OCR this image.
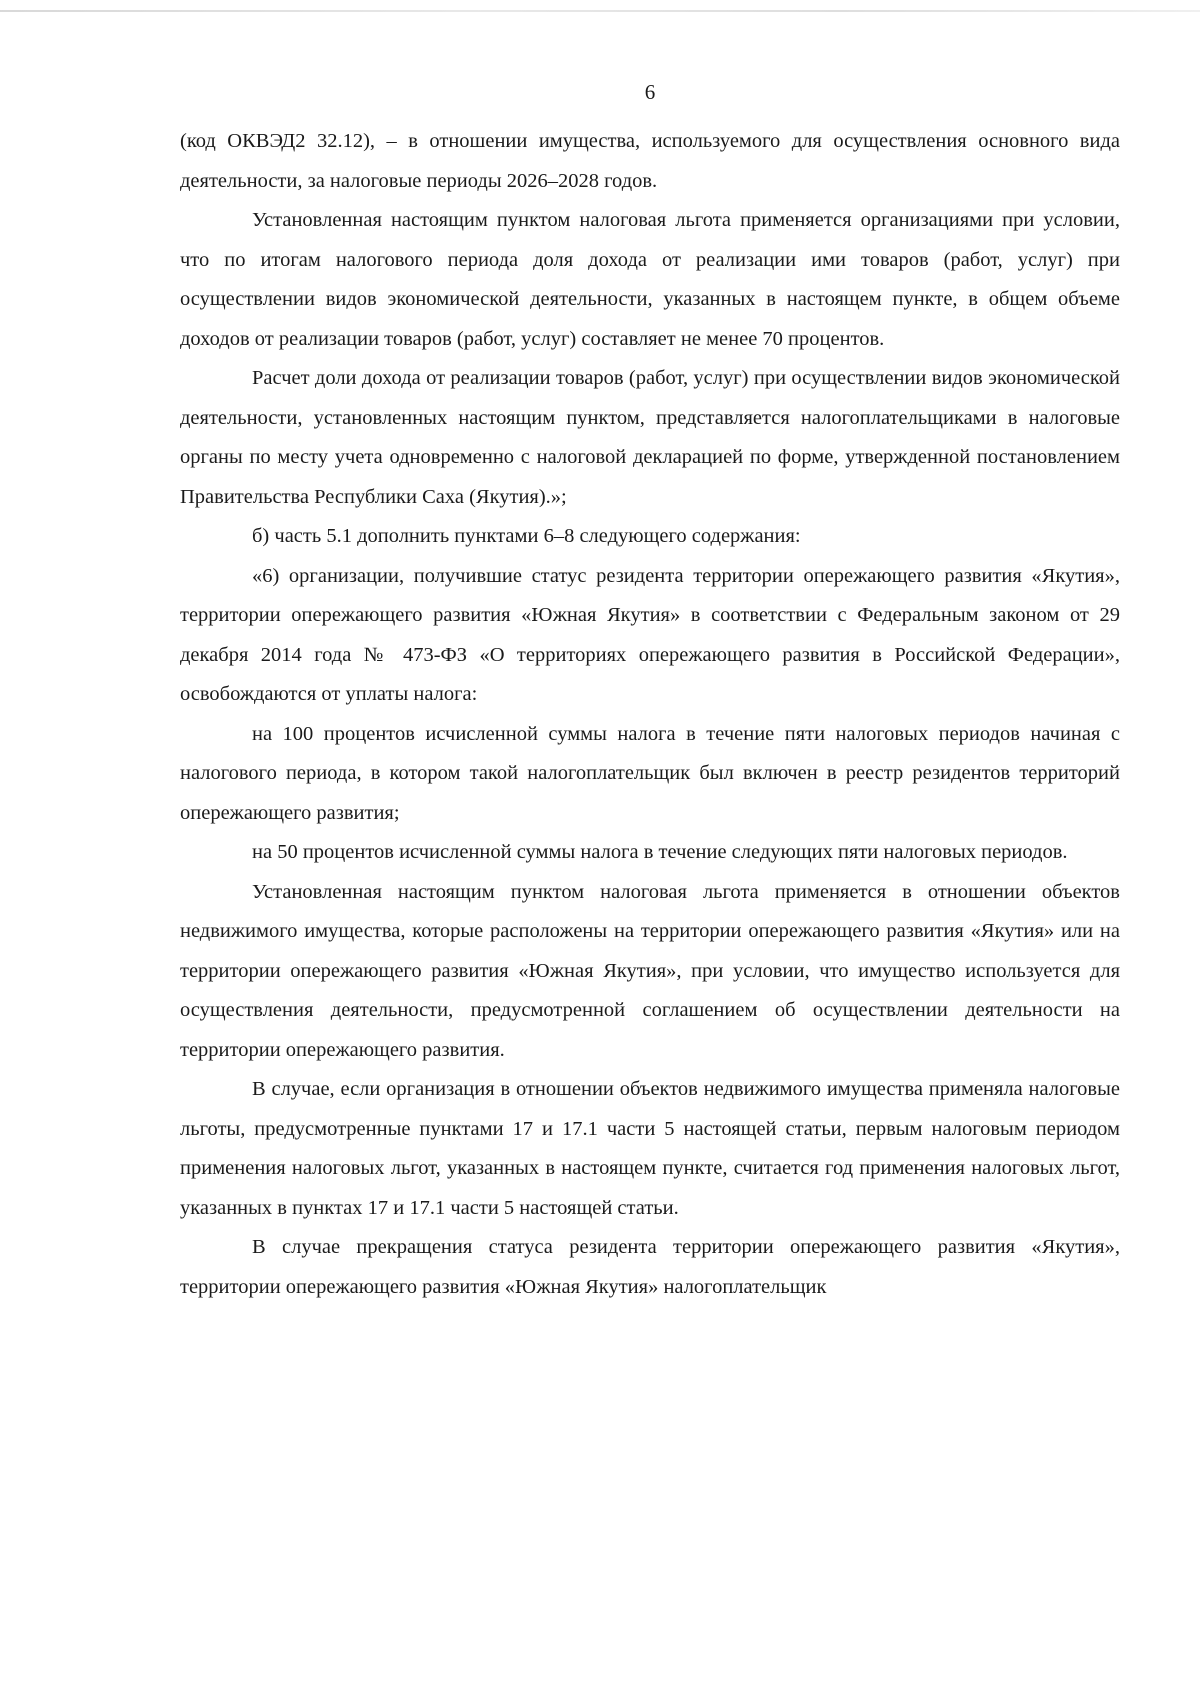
6

(код ОКВЭД2 32.12), – в отношении имущества, используемого для осуществления основного вида деятельности, за налоговые периоды 2026–2028 годов.

Установленная настоящим пунктом налоговая льгота применяется организациями при условии, что по итогам налогового периода доля дохода от реализации ими товаров (работ, услуг) при осуществлении видов экономической деятельности, указанных в настоящем пункте, в общем объеме доходов от реализации товаров (работ, услуг) составляет не менее 70 процентов.

Расчет доли дохода от реализации товаров (работ, услуг) при осуществлении видов экономической деятельности, установленных настоящим пунктом, представляется налогоплательщиками в налоговые органы по месту учета одновременно с налоговой декларацией по форме, утвержденной постановлением Правительства Республики Саха (Якутия).»;

б) часть 5.1 дополнить пунктами 6–8 следующего содержания:

«6) организации, получившие статус резидента территории опережающего развития «Якутия», территории опережающего развития «Южная Якутия» в соответствии с Федеральным законом от 29 декабря 2014 года № 473-ФЗ «О территориях опережающего развития в Российской Федерации», освобождаются от уплаты налога:

на 100 процентов исчисленной суммы налога в течение пяти налоговых периодов начиная с налогового периода, в котором такой налогоплательщик был включен в реестр резидентов территорий опережающего развития;

на 50 процентов исчисленной суммы налога в течение следующих пяти налоговых периодов.

Установленная настоящим пунктом налоговая льгота применяется в отношении объектов недвижимого имущества, которые расположены на территории опережающего развития «Якутия» или на территории опережающего развития «Южная Якутия», при условии, что имущество используется для осуществления деятельности, предусмотренной соглашением об осуществлении деятельности на территории опережающего развития.

В случае, если организация в отношении объектов недвижимого имущества применяла налоговые льготы, предусмотренные пунктами 17 и 17.1 части 5 настоящей статьи, первым налоговым периодом применения налоговых льгот, указанных в настоящем пункте, считается год применения налоговых льгот, указанных в пунктах 17 и 17.1 части 5 настоящей статьи.

В случае прекращения статуса резидента территории опережающего развития «Якутия», территории опережающего развития «Южная Якутия» налогоплательщик
